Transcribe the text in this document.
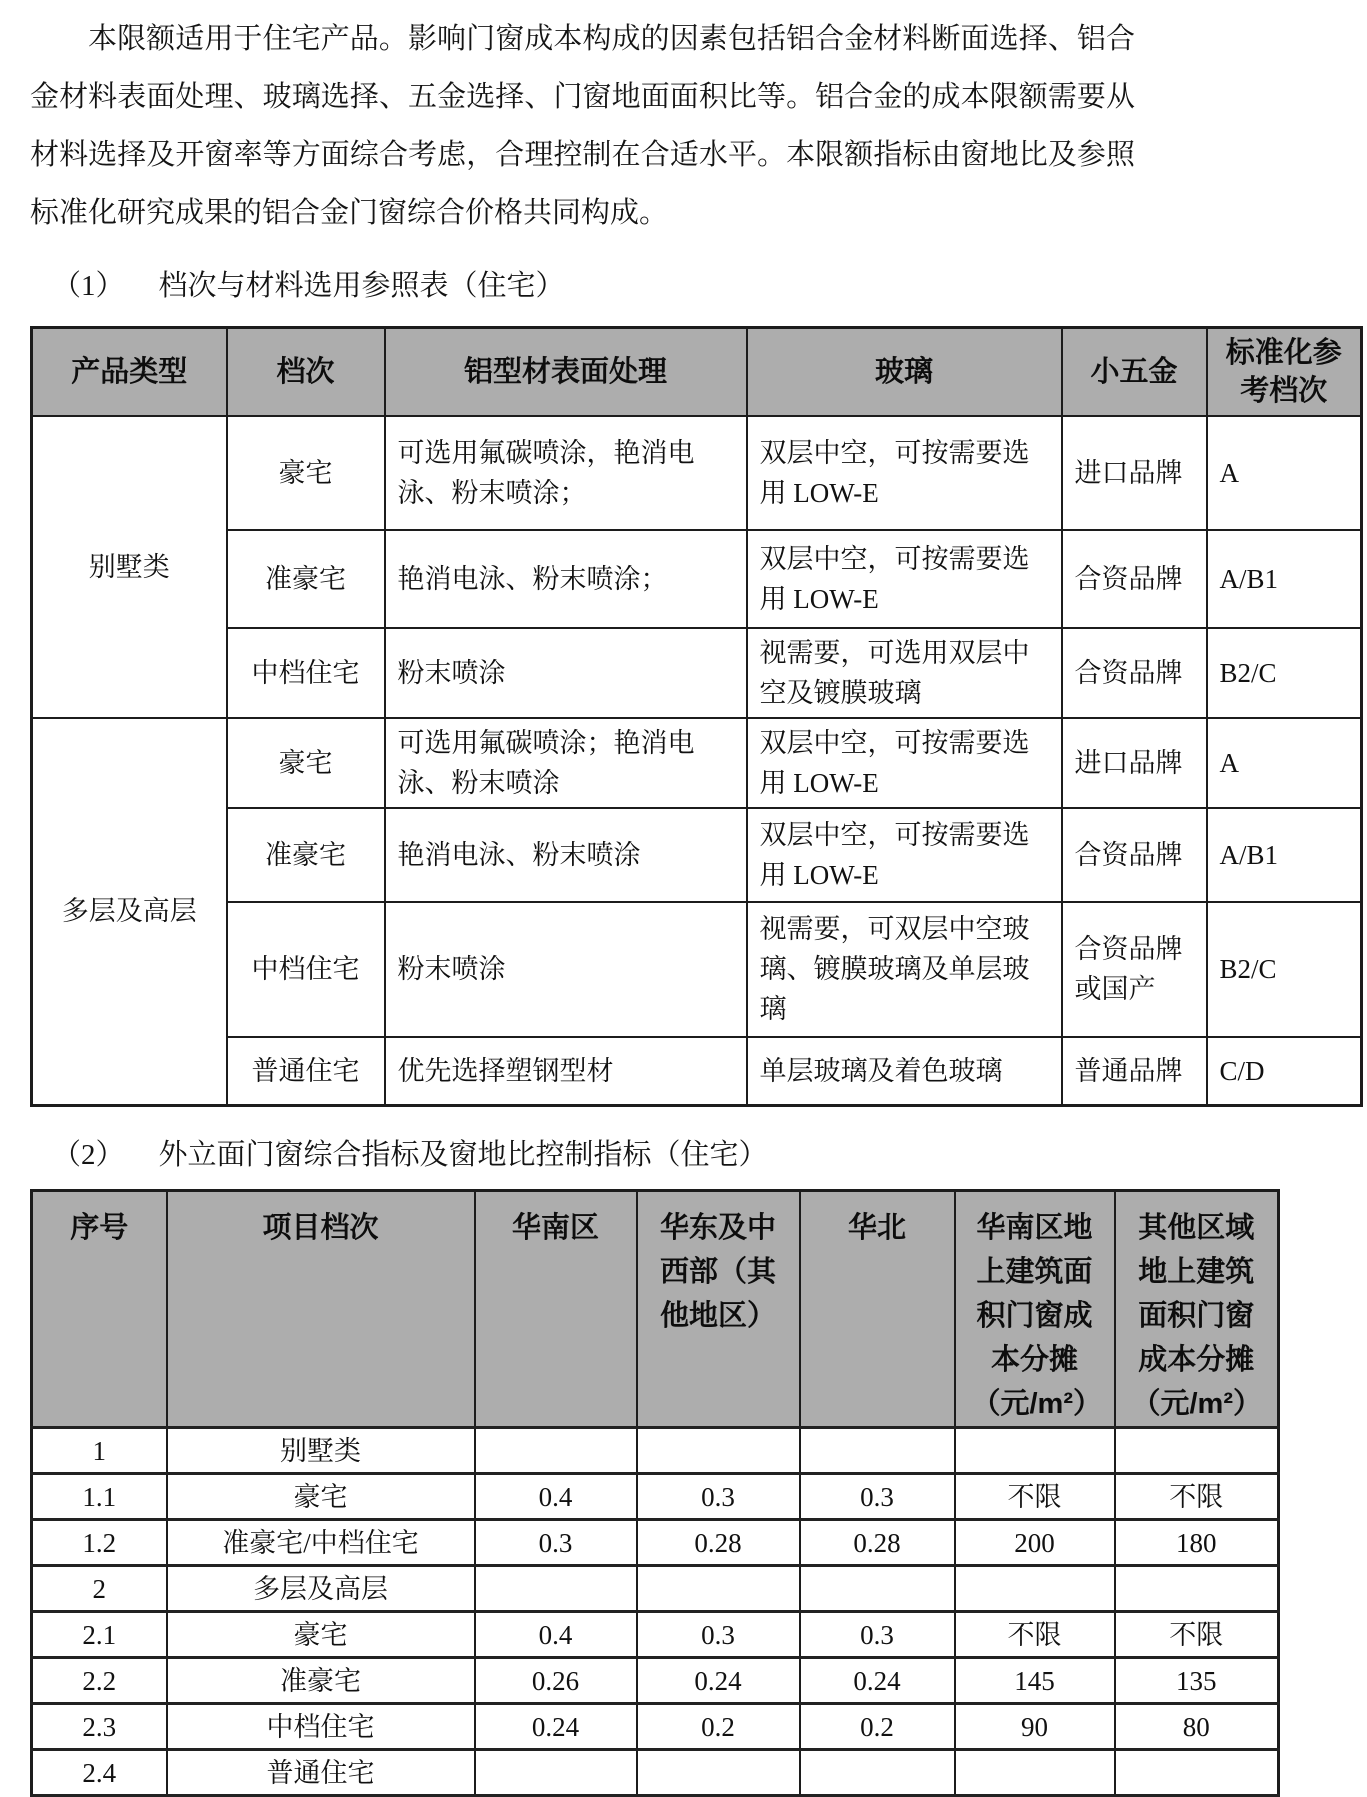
本限额适用于住宅产品。影响门窗成本构成的因素包括铝合金材料断面选择、铝合金材料表面处理、玻璃选择、五金选择、门窗地面面积比等。铝合金的成本限额需要从材料选择及开窗率等方面综合考虑，合理控制在合适水平。本限额指标由窗地比及参照标准化研究成果的铝合金门窗综合价格共同构成。

（1） 档次与材料选用参照表（住宅）
产品类型	档次	铝型材表面处理	玻璃	小五金	标准化参考档次
别墅类	豪宅	可选用氟碳喷涂，艳消电泳、粉末喷涂；	双层中空，可按需要选用 LOW-E	进口品牌	A
	准豪宅	艳消电泳、粉末喷涂；	双层中空，可按需要选用 LOW-E	合资品牌	A/B1
	中档住宅	粉末喷涂	视需要，可选用双层中空及镀膜玻璃	合资品牌	B2/C
多层及高层	豪宅	可选用氟碳喷涂；艳消电泳、粉末喷涂	双层中空，可按需要选用 LOW-E	进口品牌	A
	准豪宅	艳消电泳、粉末喷涂	双层中空，可按需要选用 LOW-E	合资品牌	A/B1
	中档住宅	粉末喷涂	视需要，可双层中空玻璃、镀膜玻璃及单层玻璃	合资品牌或国产	B2/C
	普通住宅	优先选择塑钢型材	单层玻璃及着色玻璃	普通品牌	C/D
（2） 外立面门窗综合指标及窗地比控制指标（住宅）
序号	项目档次	华南区	华东及中西部（其他地区）	华北	华南区地上建筑面积门窗成本分摊（元/m²）	其他区域地上建筑面积门窗成本分摊（元/m²）
1	别墅类					
1.1	豪宅	0.4	0.3	0.3	不限	不限
1.2	准豪宅/中档住宅	0.3	0.28	0.28	200	180
2	多层及高层					
2.1	豪宅	0.4	0.3	0.3	不限	不限
2.2	准豪宅	0.26	0.24	0.24	145	135
2.3	中档住宅	0.24	0.2	0.2	90	80
2.4	普通住宅					
